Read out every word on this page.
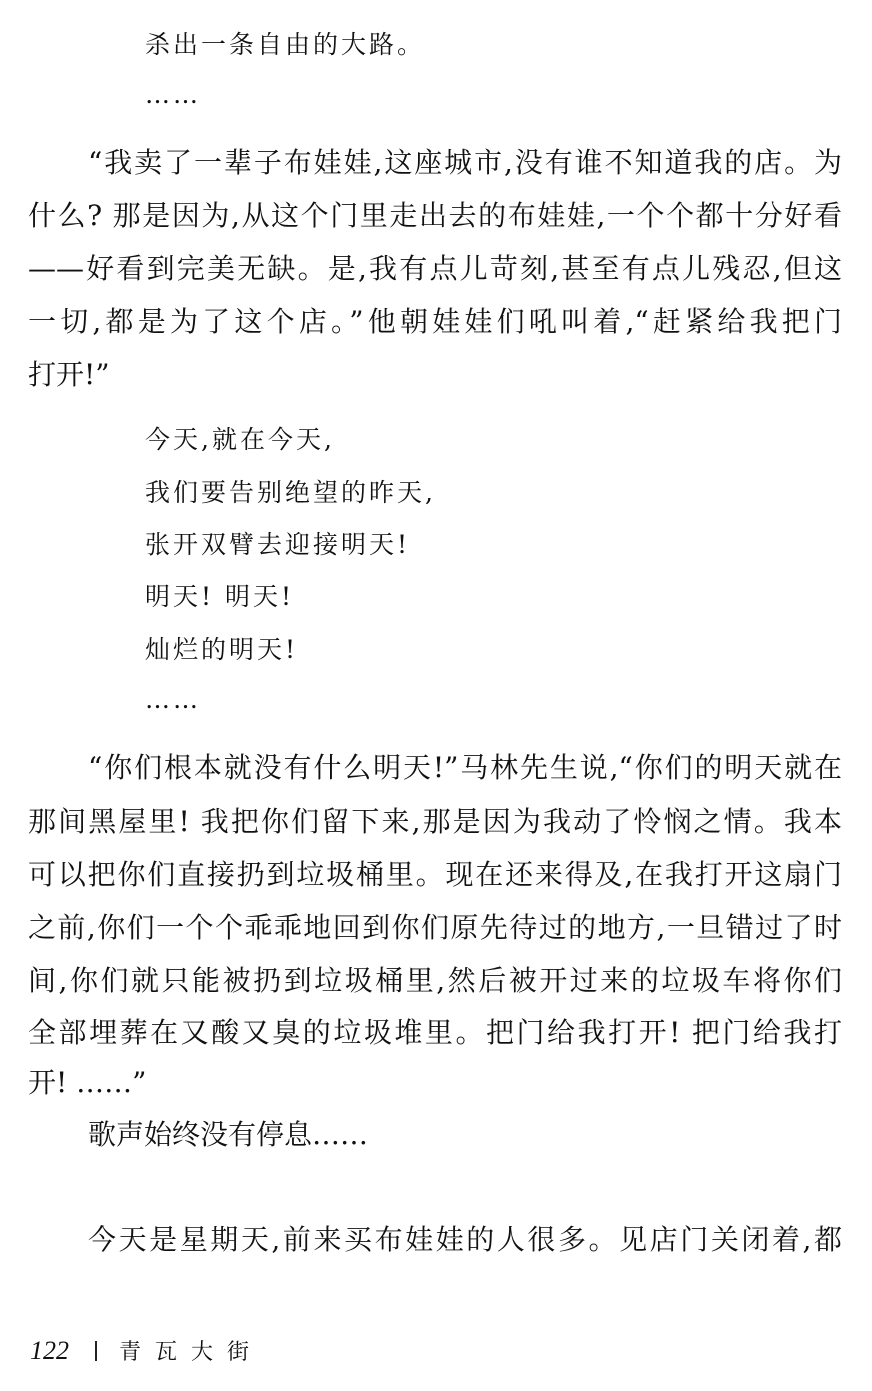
杀出一条自由的大路。
……
“我卖了一辈子布娃娃,这座城市,没有谁不知道我的店。为
什么? 那是因为,从这个门里走出去的布娃娃,一个个都十分好看
——好看到完美无缺。是,我有点儿苛刻,甚至有点儿残忍,但这
一切,都是为了这个店。”他朝娃娃们吼叫着,“赶紧给我把门
打开!”
今天,就在今天,
我们要告别绝望的昨天,
张开双臂去迎接明天!
明天! 明天!
灿烂的明天!
……
“你们根本就没有什么明天!”马林先生说,“你们的明天就在
那间黑屋里! 我把你们留下来,那是因为我动了怜悯之情。我本
可以把你们直接扔到垃圾桶里。现在还来得及,在我打开这扇门
之前,你们一个个乖乖地回到你们原先待过的地方,一旦错过了时
间,你们就只能被扔到垃圾桶里,然后被开过来的垃圾车将你们
全部埋葬在又酸又臭的垃圾堆里。把门给我打开! 把门给我打
开! ……”
歌声始终没有停息……
今天是星期天,前来买布娃娃的人很多。见店门关闭着,都
122 青瓦大街
